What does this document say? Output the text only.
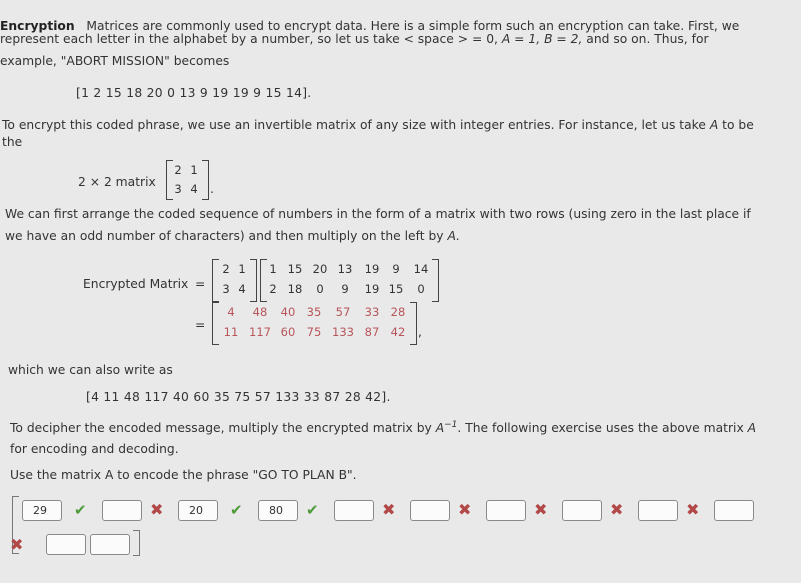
Encryption Matrices are commonly used to encrypt data. Here is a simple form such an encryption can take. First, we
represent each letter in the alphabet by a number, so let us take < space > = 0, A = 1, B = 2, and so on. Thus, for
example, "ABORT MISSION" becomes
[1 2 15 18 20 0 13 9 19 19 9 15 14].
To encrypt this coded phrase, we use an invertible matrix of any size with integer entries. For instance, let us take A to be
the
2 × 2 matrix
2 1
3 4 .
We can first arrange the coded sequence of numbers in the form of a matrix with two rows (using zero in the last place if
we have an odd number of characters) and then multiply on the left by A.
Encrypted Matrix =
2 1
3 4
1 15 20 13 19	9	14
2 18	0	9	19 15	0
=
4	48	40 35	57	33 28
11 117 60 75 133 87 42	,
which we can also write as
[4 11 48 117 40 60 35 75 57 133 33 87 28 42].
To decipher the encoded message, multiply the encrypted matrix by $A^{-1}$. The following exercise uses the above matrix A
for encoding and decoding.
Use the matrix A to encode the phrase "GO TO PLAN B".
29	✔	✖	20	✔	80	✔	✖	✖	✖	✖	✖
✖
